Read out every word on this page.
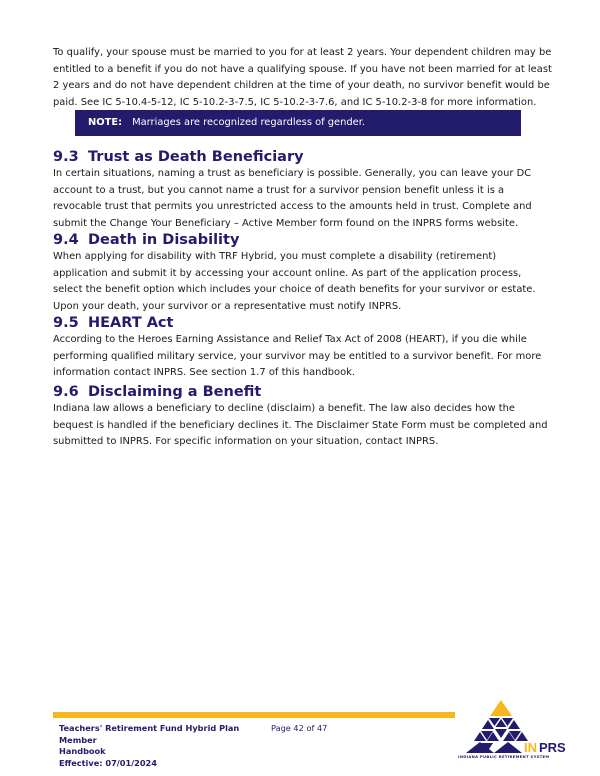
To qualify, your spouse must be married to you for at least 2 years. Your dependent children may be entitled to a benefit if you do not have a qualifying spouse. If you have not been married for at least 2 years and do not have dependent children at the time of your death, no survivor benefit would be paid. See IC 5-10.4-5-12, IC 5-10.2-3-7.5, IC 5-10.2-3-7.6, and IC 5-10.2-3-8 for more information.

NOTE: Marriages are recognized regardless of gender.
9.3 Trust as Death Beneficiary

In certain situations, naming a trust as beneficiary is possible. Generally, you can leave your DC account to a trust, but you cannot name a trust for a survivor pension benefit unless it is a revocable trust that permits you unrestricted access to the amounts held in trust. Complete and submit the Change Your Beneficiary – Active Member form found on the INPRS forms website.

9.4 Death in Disability

When applying for disability with TRF Hybrid, you must complete a disability (retirement) application and submit it by accessing your account online. As part of the application process, select the benefit option which includes your choice of death benefits for your survivor or estate. Upon your death, your survivor or a representative must notify INPRS.

9.5 HEART Act

According to the Heroes Earning Assistance and Relief Tax Act of 2008 (HEART), if you die while performing qualified military service, your survivor may be entitled to a survivor benefit. For more information contact INPRS. See section 1.7 of this handbook.

9.6 Disclaiming a Benefit

Indiana law allows a beneficiary to decline (disclaim) a benefit. The law also decides how the bequest is handled if the beneficiary declines it. The Disclaimer State Form must be completed and submitted to INPRS. For specific information on your situation, contact INPRS.

Teachers' Retirement Fund Hybrid Plan Member
Handbook
Effective: 07/01/2024
Page 42 of 47
IN PRS
INDIANA PUBLIC RETIREMENT SYSTEM
